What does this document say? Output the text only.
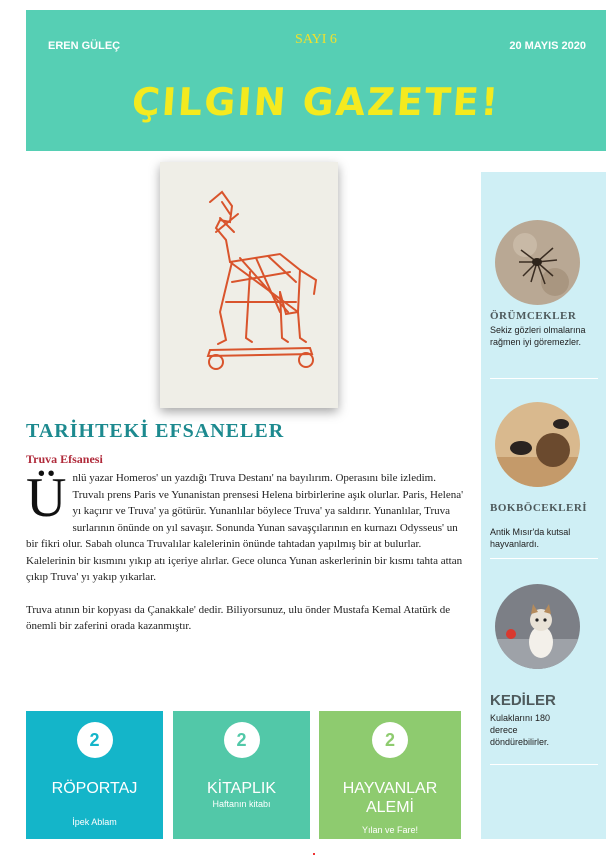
EREN GÜLEÇ	SAYI 6	20 MAYIS 2020
ÇILGIN GAZETE!
TARİHTEKİ EFSANELER
Truva Efsanesi
Ü nlü yazar Homeros' un yazdığı Truva Destanı' na bayılırım. Operasını bile izledim. Truvalı prens Paris ve Yunanistan prensesi Helena birbirlerine aşık olurlar. Paris, Helena' yı kaçırır ve Truva' ya götürür. Yunanlılar böylece Truva' ya saldırır. Yunanlılar, Truva surlarının önünde on yıl savaşır. Sonunda Yunan savaşçılarının en kurnazı Odysseus' un bir fikri olur. Sabah olunca Truvalılar kalelerinin önünde tahtadan yapılmış bir at bulurlar. Kalelerinin bir kısmını yıkıp atı içeriye alırlar. Gece olunca Yunan askerlerinin bir kısmı tahta attan çıkıp Truva' yı yakıp yıkarlar.

Truva atının bir kopyası da Çanakkale' dedir. Biliyorsunuz, ulu önder Mustafa Kemal Atatürk de önemli bir zaferini orada kazanmıştır.

2
RÖPORTAJ
İpek Ablam
2
KİTAPLIK
Haftanın kitabı
2
HAYVANLAR
ALEMİ
Yılan ve Fare!
ÖRÜMCEKLER
Sekiz gözleri olmalarına rağmen iyi göremezler.
BOKBÖCEKLERİ
Antik Mısır'da kutsal hayvanlardı.
KEDİLER
Kulaklarını 180 derece döndürebilirler.
